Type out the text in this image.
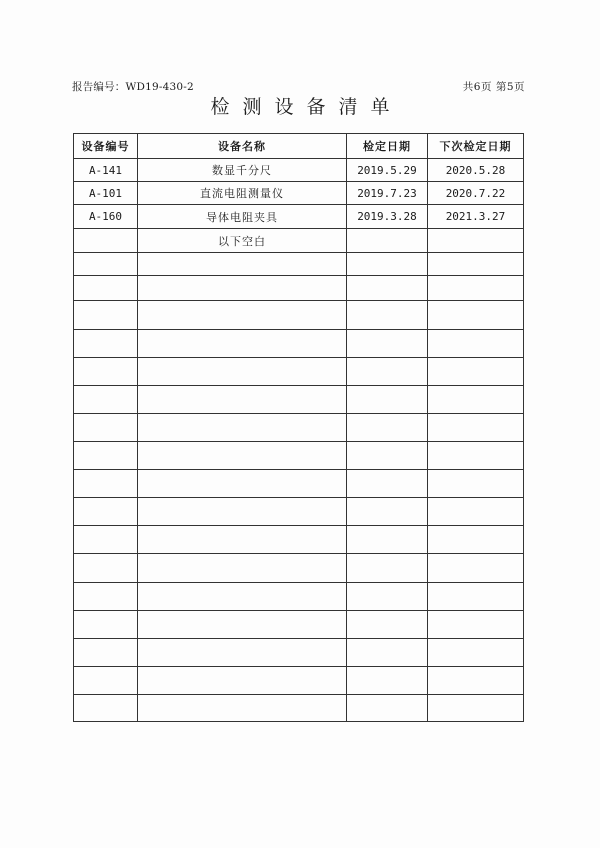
报告编号：WD19-430-2	共6页 第5页
检测设备清单
设备编号	设备名称	检定日期	下次检定日期
A-141	数显千分尺	2019.5.29	2020.5.28
A-101	直流电阻测量仪	2019.7.23	2020.7.22
A-160	导体电阻夹具	2019.3.28	2021.3.27
	以下空白		
